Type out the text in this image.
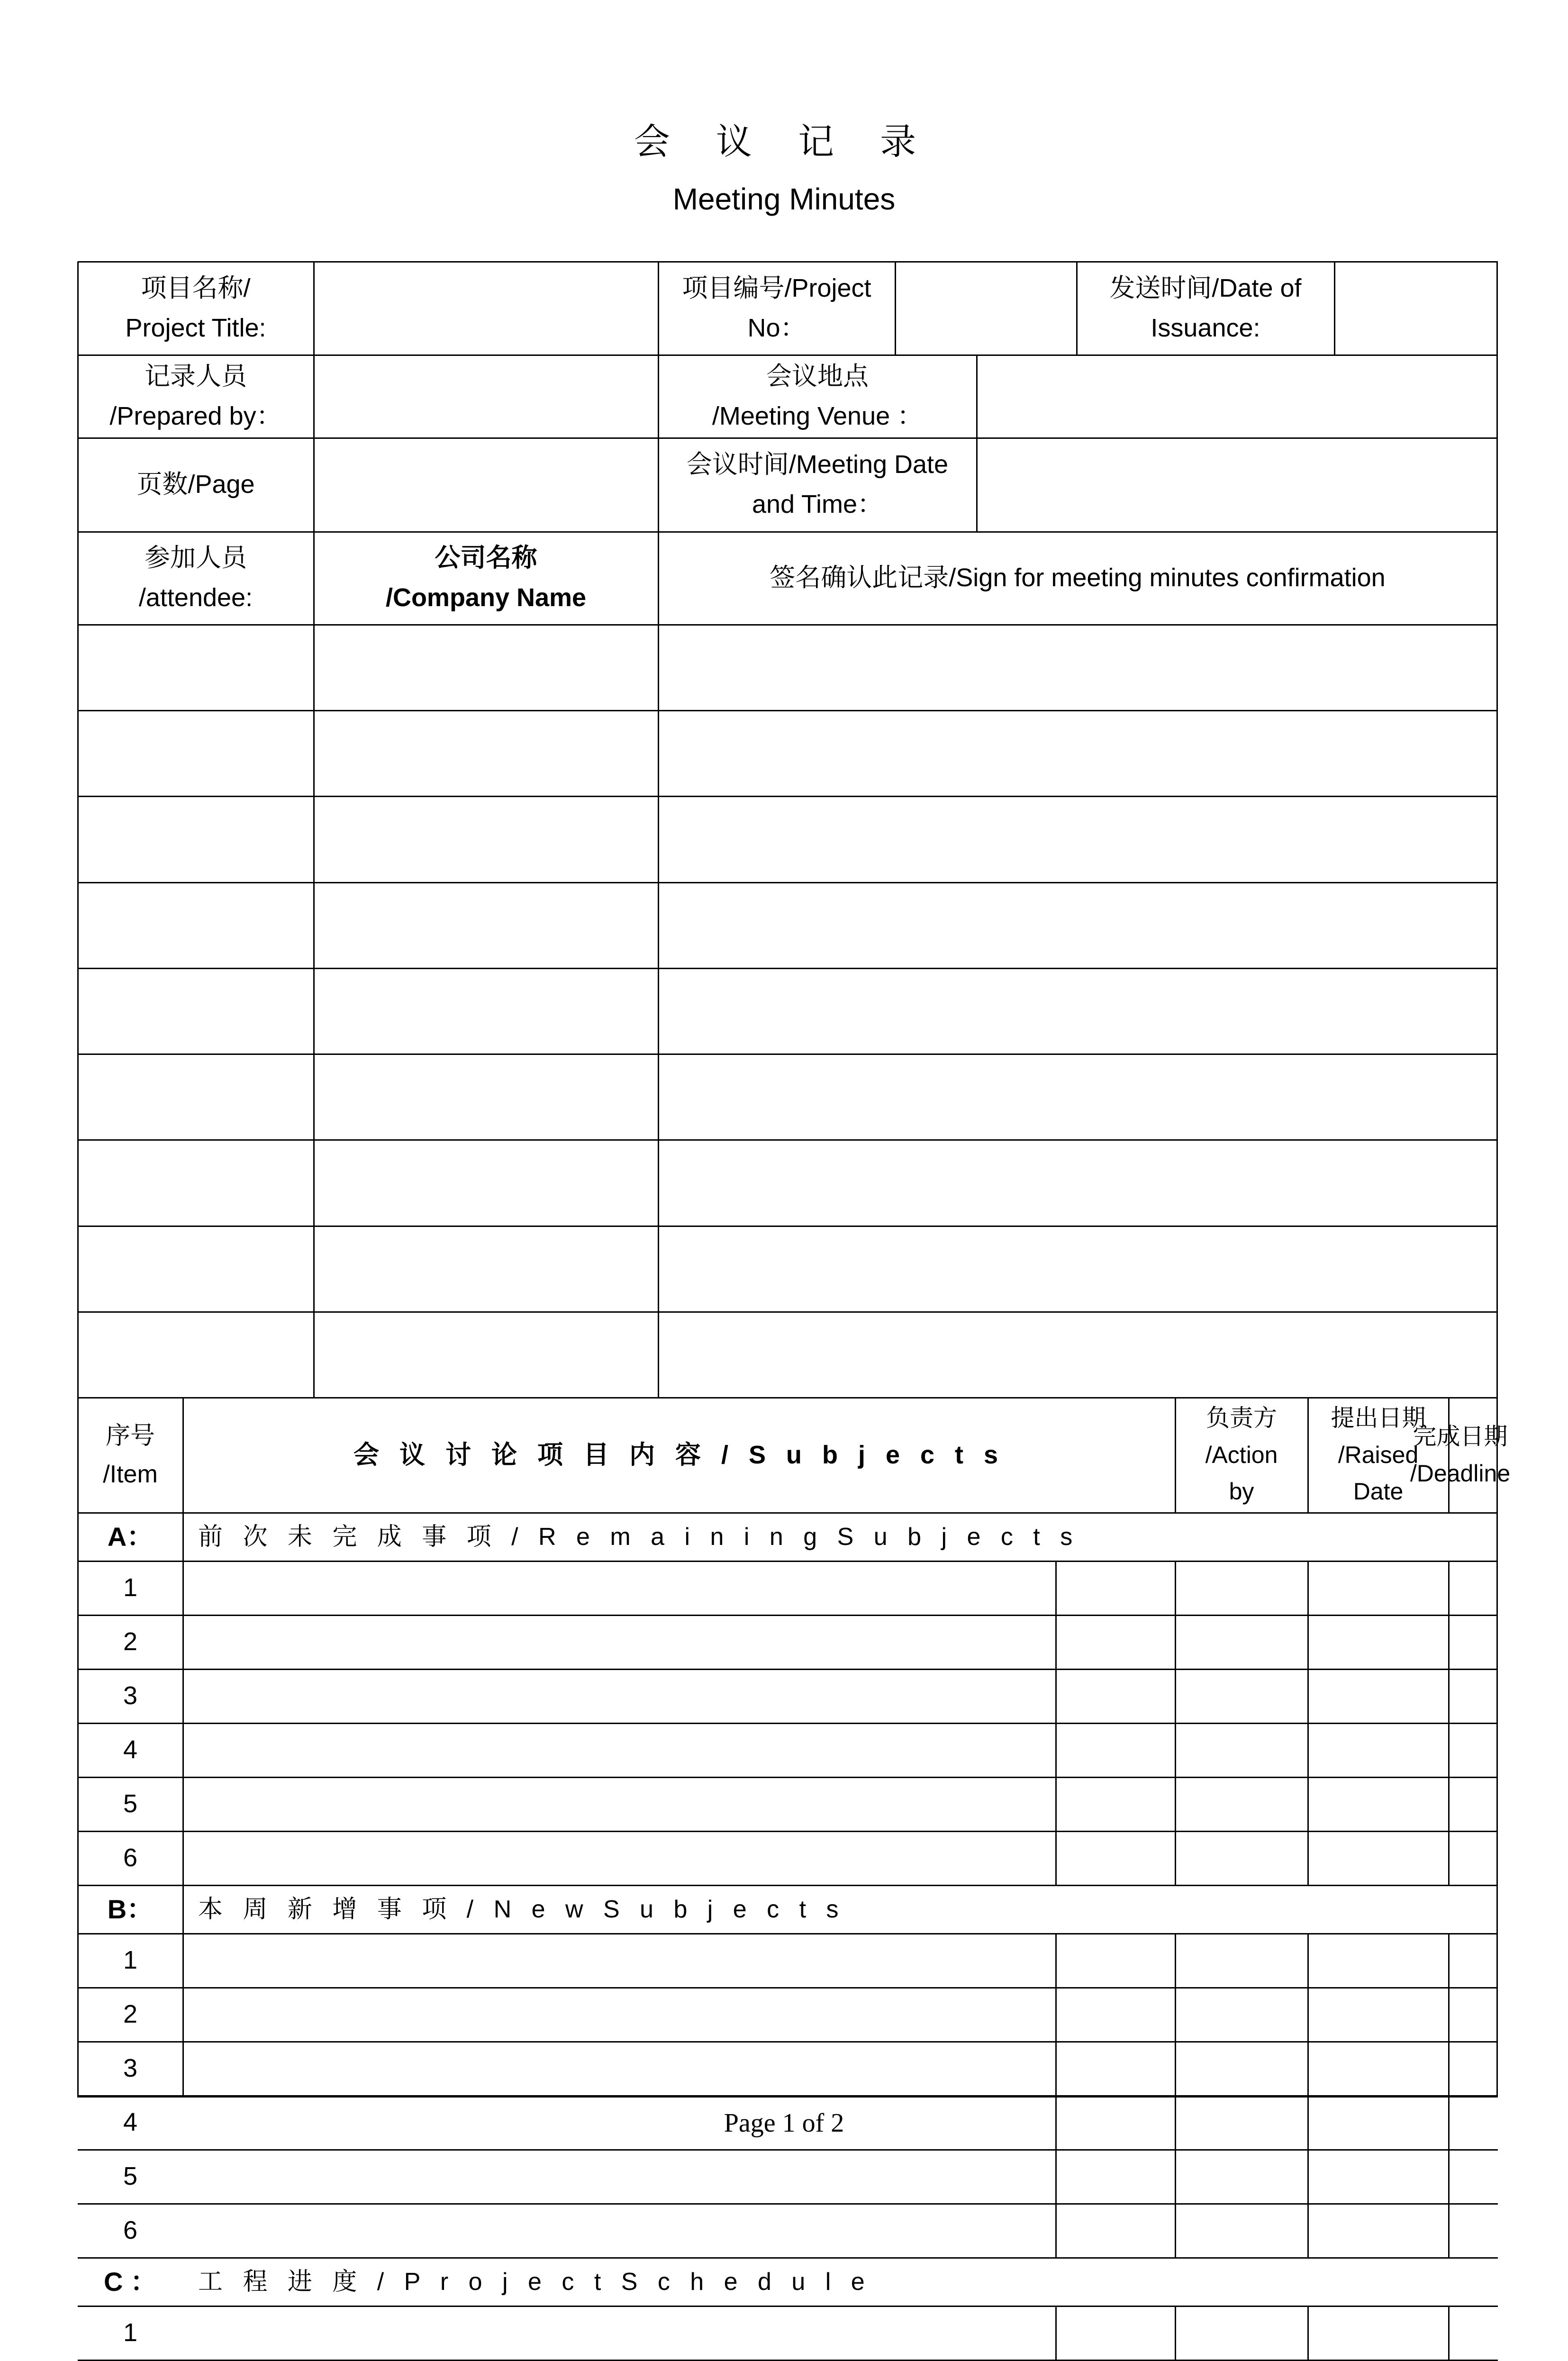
会 议 记 录
Meeting Minutes
项目名称/
Project Title:
项目编号/Project
No：
发送时间/Date of
Issuance:
记录人员
/Prepared by：
会议地点
/Meeting Venue ：
页数/Page
会议时间/Meeting Date
and Time：
参加人员
/attendee:
公司名称
/Company Name
签名确认此记录/Sign for meeting minutes confirmation
序号
/Item
会 议 讨 论 项 目 内 容 / S u b j e c t s
负责方
/Action
by
提出日期
/Raised
Date
完成日期
/Deadline
A： 前 次 未 完 成 事 项 / R e m a i n i n g S u b j e c t s
1
2
3
4
5
6
B： 本 周 新 增 事 项 / N e w S u b j e c t s
1
2
3
4
5
6
C ： 工 程 进 度 / P r o j e c t S c h e d u l e
1
Page 1 of 2
